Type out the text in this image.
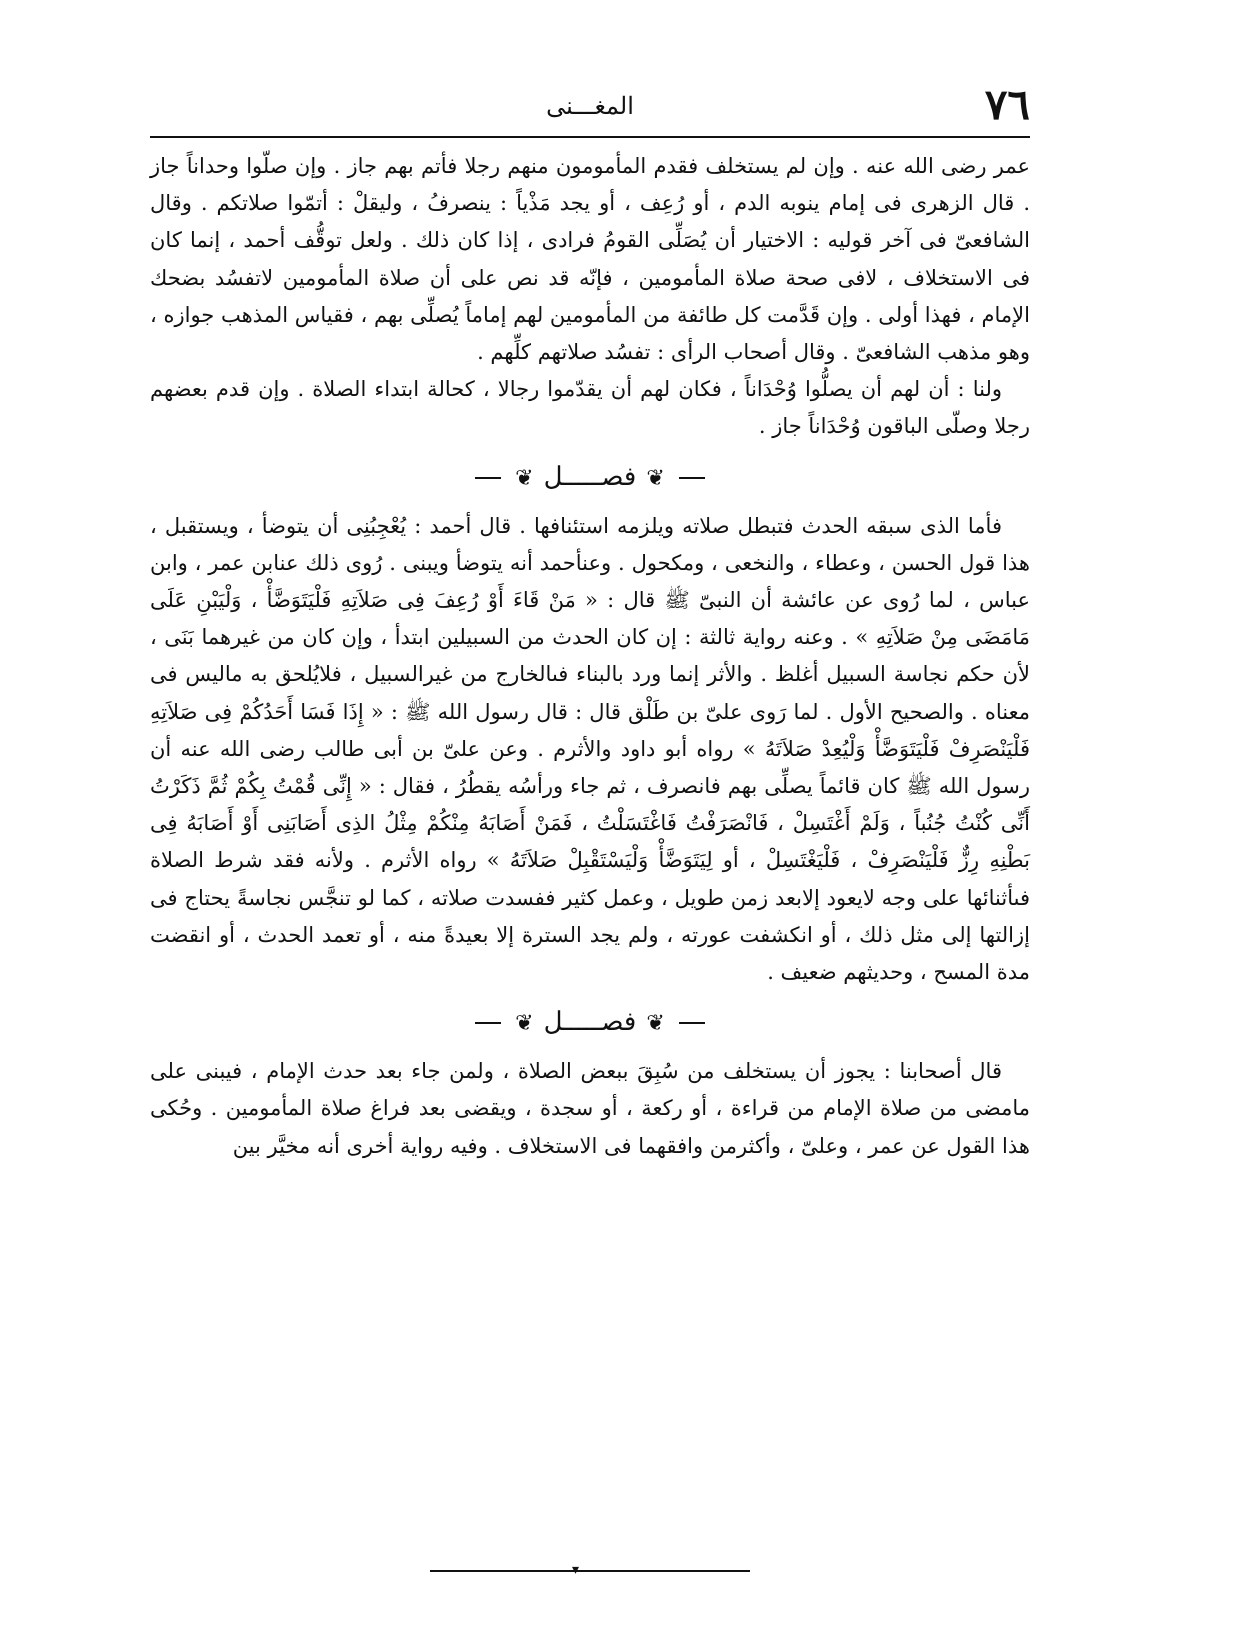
٧٦
المغـــنى

عمر رضى الله عنه . وإن لم يستخلف فقدم المأمومون منهم رجلا فأتم بهم جاز . وإن صلّوا وحداناً جاز . قال الزهرى فى إمام ينوبه الدم ، أو رُعِف ، أو يجد مَذْياً : ينصرفُ ، وليقلْ : أتمّوا صلاتكم . وقال الشافعىّ فى آخر قوليه : الاختيار أن يُصَلِّى القومُ فرادى ، إذا كان ذلك . ولعل توقُّف أحمد ، إنما كان فى الاستخلاف ، لافى صحة صلاة المأمومين ، فإنّه قد نص على أن صلاة المأمومين لاتفسُد بضحك الإمام ، فهذا أولى . وإن قَدَّمت كل طائفة من المأمومين لهم إماماً يُصلِّى بهم ، فقياس المذهب جوازه ، وهو مذهب الشافعىّ . وقال أصحاب الرأى : تفسُد صلاتهم كلِّهم .

ولنا : أن لهم أن يصلُّوا وُحْدَاناً ، فكان لهم أن يقدّموا رجالا ، كحالة ابتداء الصلاة . وإن قدم بعضهم رجلا وصلّى الباقون وُحْدَاناً جاز .

❦فصـــــل❦

فأما الذى سبقه الحدث فتبطل صلاته ويلزمه استئنافها . قال أحمد : يُعْجِبُنِى أن يتوضأ ، ويستقبل ، هذا قول الحسن ، وعطاء ، والنخعى ، ومكحول . وعنأحمد أنه يتوضأ ويبنى . رُوى ذلك عنابن عمر ، وابن عباس ، لما رُوى عن عائشة أن النبىّ ﷺ قال : « مَنْ قَاءَ أَوْ رُعِفَ فِى صَلاَتِهِ فَلْيَتَوَضَّأْ ، وَلْيَبْنِ عَلَى مَامَضَى مِنْ صَلاَتِهِ » . وعنه رواية ثالثة : إن كان الحدث من السبيلين ابتدأ ، وإن كان من غيرهما بَنَى ، لأن حكم نجاسة السبيل أغلظ . والأثر إنما ورد بالبناء فىالخارج من غيرالسبيل ، فلايُلحق به ماليس فى معناه . والصحيح الأول . لما رَوى علىّ بن طَلْق قال : قال رسول الله ﷺ : « إِذَا فَسَا أَحَدُكُمْ فِى صَلاَتِهِ فَلْيَنْصَرِفْ فَلْيَتَوَضَّأْ وَلْيُعِدْ صَلاَتَهُ » رواه أبو داود والأثرم . وعن علىّ بن أبى طالب رضى الله عنه أن رسول الله ﷺ كان قائماً يصلِّى بهم فانصرف ، ثم جاء ورأسُه يقطُرُ ، فقال : « إِنِّى قُمْتُ بِكُمْ ثُمَّ ذَكَرْتُ أَنِّى كُنْتُ جُنُباً ، وَلَمْ أَغْتَسِلْ ، فَانْصَرَفْتُ فَاغْتَسَلْتُ ، فَمَنْ أَصَابَهُ مِنْكُمْ مِثْلُ الذِى أَصَابَنِى أَوْ أَصَابَهُ فِى بَطْنِهِ رِزٌّ فَلْيَنْصَرِفْ ، فَلْيَغْتَسِلْ ، أو لِيَتَوَضَّأْ وَلْيَسْتَقْبِلْ صَلاَتَهُ » رواه الأثرم . ولأنه فقد شرط الصلاة فىأثنائها على وجه لايعود إلابعد زمن طويل ، وعمل كثير ففسدت صلاته ، كما لو تنجَّس نجاسةً يحتاج فى إزالتها إلى مثل ذلك ، أو انكشفت عورته ، ولم يجد السترة إلا بعيدةً منه ، أو تعمد الحدث ، أو انقضت مدة المسح ، وحديثهم ضعيف .

❦فصـــــل❦

قال أصحابنا : يجوز أن يستخلف من سُبِقَ ببعض الصلاة ، ولمن جاء بعد حدث الإمام ، فيبنى على مامضى من صلاة الإمام من قراءة ، أو ركعة ، أو سجدة ، ويقضى بعد فراغ صلاة المأمومين . وحُكى هذا القول عن عمر ، وعلىّ ، وأكثرمن وافقهما فى الاستخلاف . وفيه رواية أخرى أنه مخيَّر بين

▾
